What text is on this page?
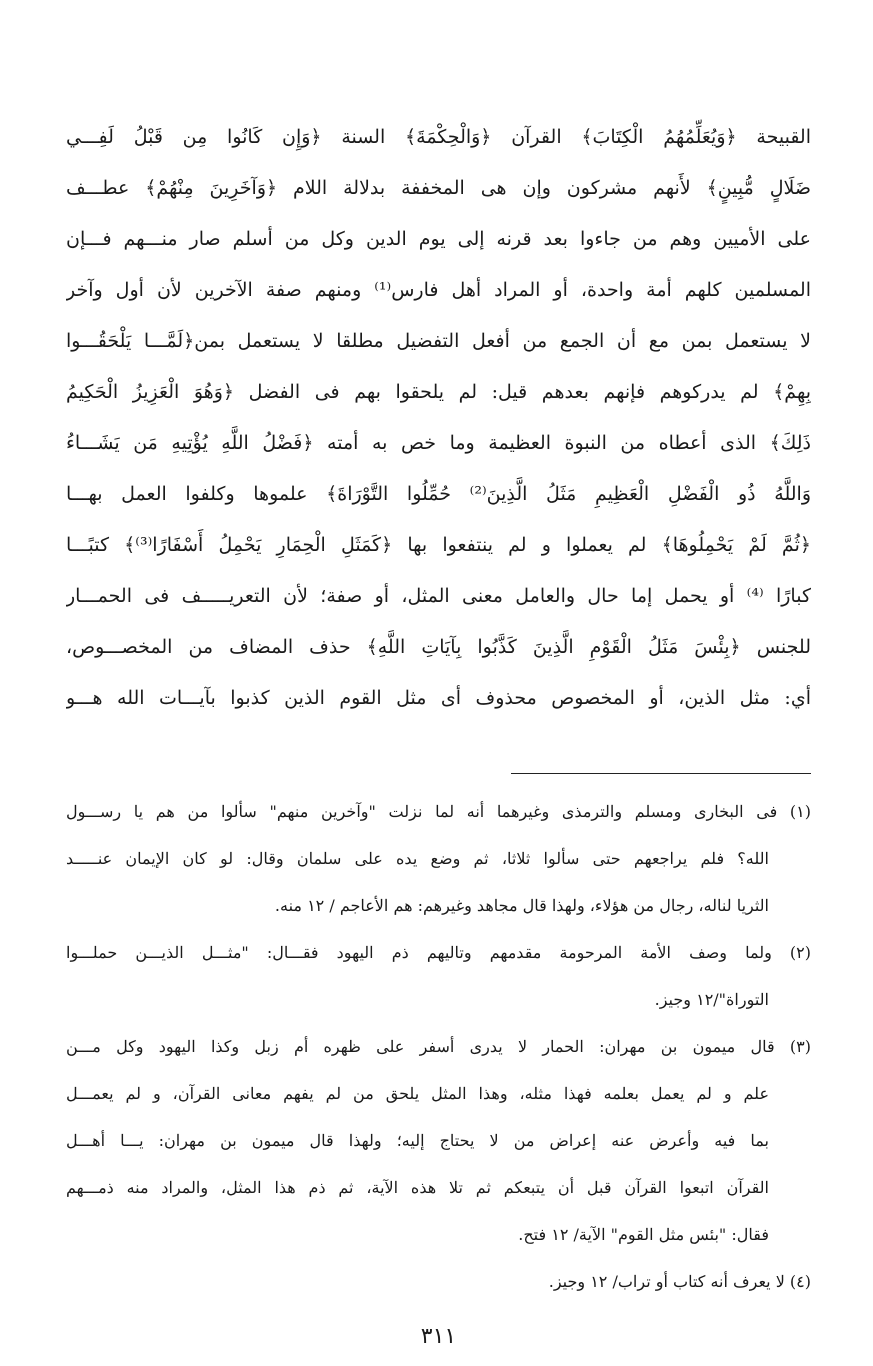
القبيحة ﴿وَيُعَلِّمُهُمُ الْكِتَابَ﴾ القرآن ﴿وَالْحِكْمَةَ﴾ السنة ﴿وَإِن كَانُوا مِن قَبْلُ لَفِـــي

ضَلَالٍ مُّبِينٍ﴾ لأَنهم مشركون وإن هى المخففة بدلالة اللام ﴿وَآخَرِينَ مِنْهُمْ﴾ عطـــف

على الأميين وهم من جاءوا بعد قرنه إلى يوم الدين وكل من أسلم صار منـــهم فـــإن

المسلمين كلهم أمة واحدة، أو المراد أهل فارس⁽¹⁾ ومنهم صفة الآخرين لأن أول وآخر

لا يستعمل بمن مع أن الجمع من أفعل التفضيل مطلقا لا يستعمل بمن﴿لَمَّـــا يَلْحَقُـــوا

بِهِمْ﴾ لم يدركوهم فإنهم بعدهم قيل: لم يلحقوا بهم فى الفضل ﴿وَهُوَ الْعَزِيزُ الْحَكِيمُ

ذَلِكَ﴾ الذى أعطاه من النبوة العظيمة وما خص به أمته ﴿فَضْلُ اللَّهِ يُؤْتِيهِ مَن يَشَـــاءُ

وَاللَّهُ ذُو الْفَضْلِ الْعَظِيمِ مَثَلُ الَّذِينَ⁽²⁾ حُمِّلُوا التَّوْرَاةَ﴾ علموها وكلفوا العمل بهـــا

﴿ثُمَّ لَمْ يَحْمِلُوهَا﴾ لم يعملوا و لم ينتفعوا بها ﴿كَمَثَلِ الْحِمَارِ يَحْمِلُ أَسْفَارًا⁽³⁾﴾ كتبًـــا

كبارًا ⁽⁴⁾ أو يحمل إما حال والعامل معنى المثل، أو صفة؛ لأن التعريـــــف فى الحمـــار

للجنس ﴿بِئْسَ مَثَلُ الْقَوْمِ الَّذِينَ كَذَّبُوا بِآيَاتِ اللَّهِ﴾ حذف المضاف من المخصـــوص،

أي: مثل الذين، أو المخصوص محذوف أى مثل القوم الذين كذبوا بآيـــات الله هـــو

(١) فى البخارى ومسلم والترمذى وغيرهما أنه لما نزلت "وآخرين منهم" سألوا من هم يا رســـول

الله؟ فلم يراجعهم حتى سألوا ثلاثا، ثم وضع يده على سلمان وقال: لو كان الإيمان عنـــــد

الثريا لناله، رجال من هؤلاء، ولهذا قال مجاهد وغيرهم: هم الأعاجم / ١٢ منه.

(٢) ولما وصف الأمة المرحومة مقدمهم وتاليهم ذم اليهود فقـــال: "مثـــل الذيـــن حملـــوا

التوراة"/١٢ وجيز.

(٣) قال ميمون بن مهران: الحمار لا يدرى أسفر على ظهره أم زبل وكذا اليهود وكل مـــن

علم و لم يعمل بعلمه فهذا مثله، وهذا المثل يلحق من لم يفهم معانى القرآن، و لم يعمـــل

بما فيه وأعرض عنه إعراض من لا يحتاج إليه؛ ولهذا قال ميمون بن مهران: يـــا أهـــل

القرآن اتبعوا القرآن قبل أن يتبعكم ثم تلا هذه الآية، ثم ذم هذا المثل، والمراد منه ذمـــهم

فقال: "بئس مثل القوم" الآية/ ١٢ فتح.

(٤) لا يعرف أنه كتاب أو تراب/ ١٢ وجيز.

٣١١
